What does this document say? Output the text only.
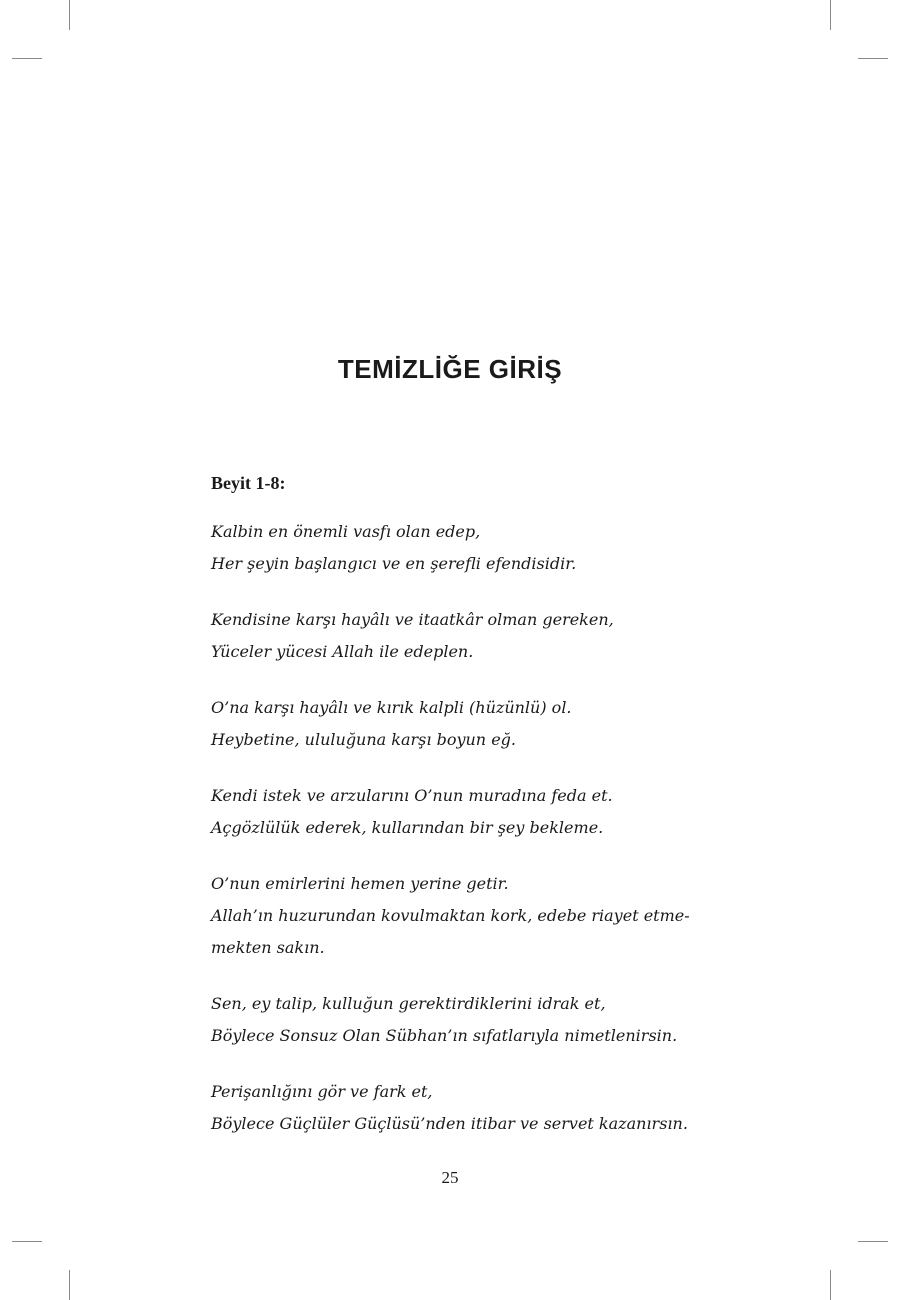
TEMİZLİĞE GİRİŞ
Beyit 1-8:
Kalbin en önemli vasfı olan edep,
Her şeyin başlangıcı ve en şerefli efendisidir.
Kendisine karşı hayâlı ve itaatkâr olman gereken,
Yüceler yücesi Allah ile edeplen.
O’na karşı hayâlı ve kırık kalpli (hüzünlü) ol.
Heybetine, ululuğuna karşı boyun eğ.
Kendi istek ve arzularını O’nun muradına feda et.
Açgözlülük ederek, kullarından bir şey bekleme.
O’nun emirlerini hemen yerine getir.
Allah’ın huzurundan kovulmaktan kork, edebe riayet etme-
mekten sakın.
Sen, ey talip, kulluğun gerektirdiklerini idrak et,
Böylece Sonsuz Olan Sübhan’ın sıfatlarıyla nimetlenirsin.
Perişanlığını gör ve fark et,
Böylece Güçlüler Güçlüsü’nden itibar ve servet kazanırsın.
25
